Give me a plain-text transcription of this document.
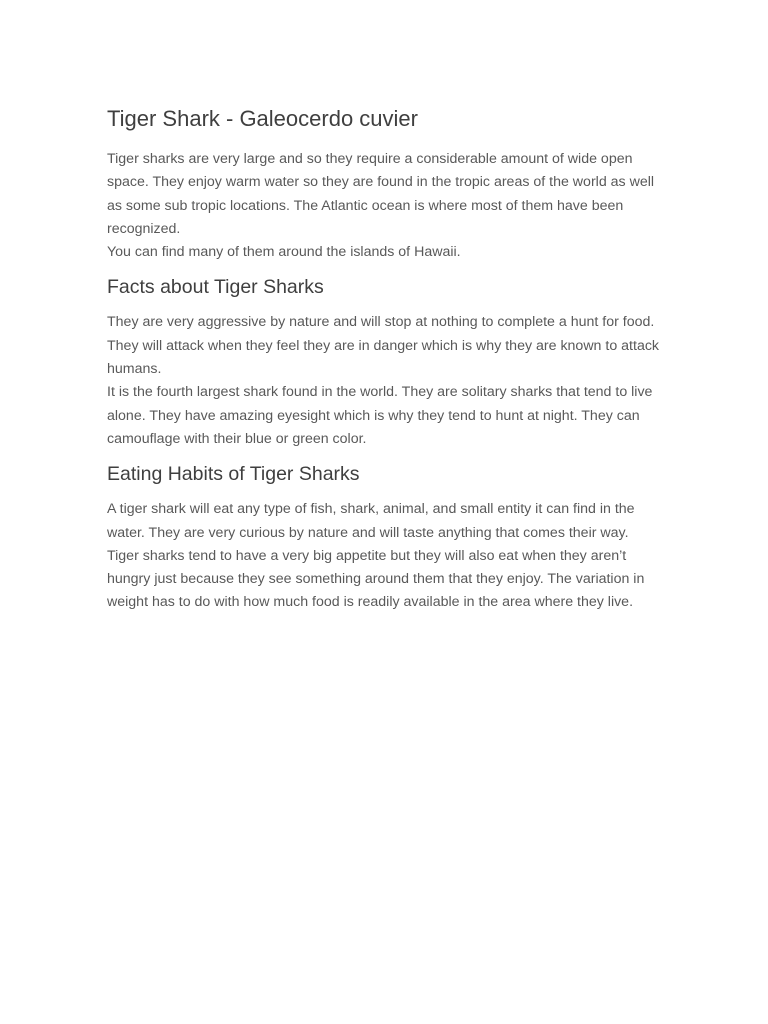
Tiger Shark - Galeocerdo cuvier

Tiger sharks are very large and so they require a considerable amount of wide open space. They enjoy warm water so they are found in the tropic areas of the world as well as some sub tropic locations. The Atlantic ocean is where most of them have been recognized.

You can find many of them around the islands of Hawaii.

Facts about Tiger Sharks

They are very aggressive by nature and will stop at nothing to complete a hunt for food. They will attack when they feel they are in danger which is why they are known to attack humans.

It is the fourth largest shark found in the world. They are solitary sharks that tend to live alone. They have amazing eyesight which is why they tend to hunt at night. They can camouflage with their blue or green color.

Eating Habits of Tiger Sharks

A tiger shark will eat any type of fish, shark, animal, and small entity it can find in the water. They are very curious by nature and will taste anything that comes their way.

Tiger sharks tend to have a very big appetite but they will also eat when they aren’t hungry just because they see something around them that they enjoy. The variation in weight has to do with how much food is readily available in the area where they live.
